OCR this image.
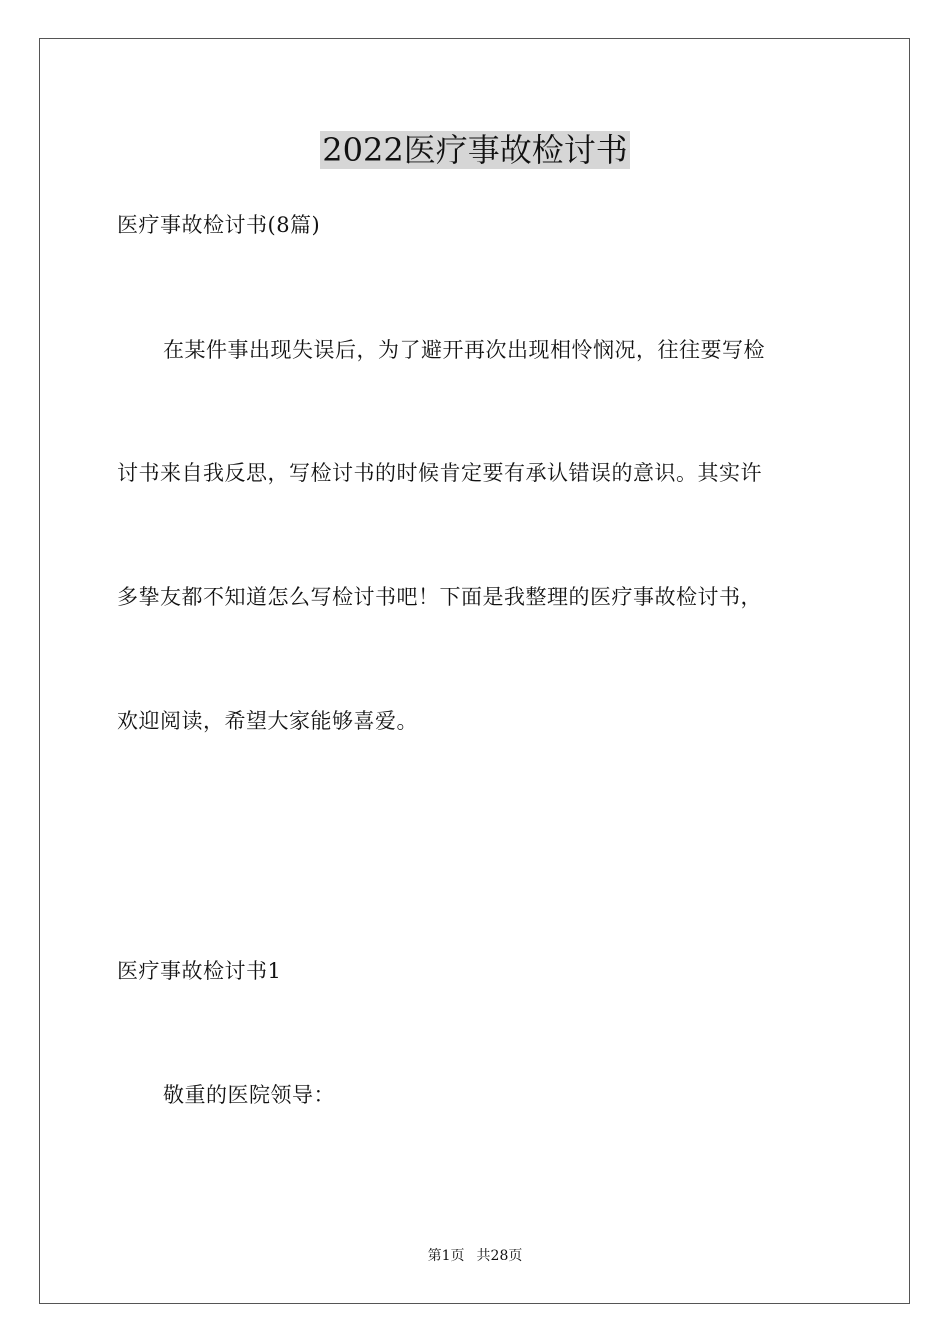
2022医疗事故检讨书

医疗事故检讨书(8篇)

在某件事出现失误后，为了避开再次出现相怜悯况，往往要写检

讨书来自我反思，写检讨书的时候肯定要有承认错误的意识。其实许

多挚友都不知道怎么写检讨书吧！下面是我整理的医疗事故检讨书，

欢迎阅读，希望大家能够喜爱。

医疗事故检讨书1

敬重的医院领导：

第1页 共28页
